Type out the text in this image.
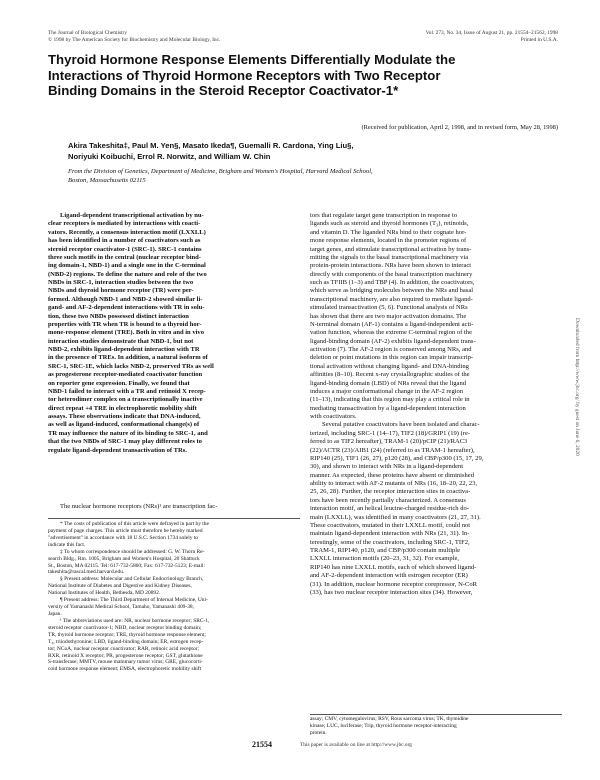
The Journal of Biological Chemistry
© 1998 by The American Society for Biochemistry and Molecular Biology, Inc.
Vol. 273, No. 34, Issue of August 21, pp. 21554–21562, 1998
Printed in U.S.A.
Thyroid Hormone Response Elements Differentially Modulate the
Interactions of Thyroid Hormone Receptors with Two Receptor
Binding Domains in the Steroid Receptor Coactivator-1*
(Received for publication, April 2, 1998, and in revised form, May 28, 1998)
Akira Takeshita‡, Paul M. Yen§, Masato Ikeda¶, Guemalli R. Cardona, Ying Liu§,
Noriyuki Koibuchi, Errol R. Norwitz, and William W. Chin
From the Division of Genetics, Department of Medicine, Brigham and Women's Hospital, Harvard Medical School,
Boston, Massachusetts 02115
Ligand-dependent transcriptional activation by nu-
clear receptors is mediated by interactions with coacti-
vators. Recently, a consensus interaction motif (LXXLL)
has been identified in a number of coactivators such as
steroid receptor coactivator-1 (SRC-1). SRC-1 contains
three such motifs in the central (nuclear receptor bind-
ing domain-1, NBD-1) and a single one in the C-terminal
(NBD-2) regions. To define the nature and role of the two
NBDs in SRC-1, interaction studies between the two
NBDs and thyroid hormone receptor (TR) were per-
formed. Although NBD-1 and NBD-2 showed similar li-
gand- and AF-2-dependent interactions with TR in solu-
tion, these two NBDs possessed distinct interaction
properties with TR when TR is bound to a thyroid hor-
mone-response element (TRE). Both in vitro and in vivo
interaction studies demonstrate that NBD-1, but not
NBD-2, exhibits ligand-dependent interaction with TR
in the presence of TREs. In addition, a natural isoform of
SRC-1, SRC-1E, which lacks NBD-2, preserved TRs as well
as progesterone receptor-mediated coactivator function
on reporter gene expression. Finally, we found that
NBD-1 failed to interact with a TR and retinoid X recep-
tor heterodimer complex on a transcriptionally inactive
direct repeat +4 TRE in electrophoretic mobility shift
assays. These observations indicate that DNA-induced,
as well as ligand-induced, conformational change(s) of
TR may influence the nature of its binding to SRC-1, and
that the two NBDs of SRC-1 may play different roles to
regulate ligand-dependent transactivation of TRs.
The nuclear hormone receptors (NRs)¹ are transcription fac-
* The costs of publication of this article were defrayed in part by the
payment of page charges. This article must therefore be hereby marked
"advertisement" in accordance with 18 U.S.C. Section 1734 solely to
indicate this fact.
‡ To whom correspondence should be addressed: G. W. Thorn Re-
search Bldg., Rm. 1005, Brigham and Women's Hospital, 20 Shattuck
St., Boston, MA 02115. Tel: 617-732-5860; Fax: 617-732-5123; E-mail:
takeshita@rascal.med.harvard.edu.
§ Present address: Molecular and Cellular Endocrinology Branch,
National Institute of Diabetes and Digestive and Kidney Diseases,
National Institutes of Health, Bethesda, MD 20892.
¶ Present address: The Third Department of Internal Medicine, Uni-
versity of Yamanashi Medical School, Tamaho, Yamanashi 409-38,
Japan.
¹ The abbreviations used are: NR, nuclear hormone receptor; SRC-1,
steroid receptor coactivator-1; NBD, nuclear receptor binding domain;
TR, thyroid hormone receptor; TRE, thyroid hormone response element;
T₃, triiodothyronine; LBD, ligand-binding domain; ER, estrogen recep-
tor; NCoA, nuclear receptor coactivator; RAR, retinoic acid receptor;
RXR, retinoid X receptor; PR, progesterone receptor; GST, glutathione
S-transferase; MMTV, mouse mammary tumor virus; GRE, glucocorti-
coid hormone response element; EMSA, electrophoretic mobility shift
tors that regulate target gene transcription in response to
ligands such as steroid and thyroid hormones (T₃), retinoids,
and vitamin D. The liganded NRs bind to their cognate hor-
mone response elements, located in the promoter regions of
target genes, and stimulate transcriptional activation by trans-
mitting the signals to the basal transcriptional machinery via
protein-protein interactions. NRs have been shown to interact
directly with components of the basal transcription machinery
such as TFIIB (1–3) and TBP (4). In addition, the coactivators,
which serve as bridging molecules between the NRs and basal
transcriptional machinery, are also required to mediate ligand-
stimulated transactivation (5, 6). Functional analysis of NRs
has shown that there are two major activation domains. The
N-terminal domain (AF-1) contains a ligand-independent acti-
vation function, whereas the extreme C-terminal region of the
ligand-binding domain (AF-2) exhibits ligand-dependent trans-
activation (7). The AF-2 region is conserved among NRs, and
deletion or point mutations in this region can impair transcrip-
tional activation without changing ligand- and DNA-binding
affinities (8–10). Recent x-ray crystallographic studies of the
ligand-binding domain (LBD) of NRs reveal that the ligand
induces a major conformational change in the AF-2 region
(11–13), indicating that this region may play a critical role in
mediating transactivation by a ligand-dependent interaction
with coactivators.
Several putative coactivators have been isolated and charac-
terized, including SRC-1 (14–17), TIF2 (18)/GRIP1 (19) (re-
ferred to as TIF2 hereafter), TRAM-1 (20)/pCIP (21)/RAC3
(22)/ACTR (23)/AIB1 (24) (referred to as TRAM-1 hereafter),
RIP140 (25), TIF1 (26, 27), p120 (28), and CBP/p300 (15, 17, 29,
30), and shown to interact with NRs in a ligand-dependent
manner. As expected, these proteins have absent or diminished
ability to interact with AF-2 mutants of NRs (16, 18–20, 22, 23,
25, 26, 28). Further, the receptor interaction sites in coactiva-
tors have been recently partially characterized. A consensus
interaction motif, an helical leucine-charged residue-rich do-
main (LXXLL), was identified in many coactivators (21, 27, 31).
These coactivators, mutated in their LXXLL motif, could not
maintain ligand-dependent interaction with NRs (21, 31). In-
terestingly, some of the coactivators, including SRC-1, TIF2,
TRAM-1, RIP140, p120, and CBP/p300 contain multiple
LXXLL interaction motifs (20–23, 31, 32). For example,
RIP140 has nine LXXLL motifs, each of which showed ligand-
and AF-2-dependent interaction with estrogen receptor (ER)
(31). In addition, nuclear hormone receptor corepressor, N-CoR
(33), has two nuclear receptor interaction sites (34). However,
assay; CMV, cytomegalovirus; RSV, Rous sarcoma virus; TK, thymidine
kinase; LUC, luciferase; Trip, thyroid hormone receptor-interacting
protein.
21554	This paper is available on line at http://www.jbc.org
Downloaded from http://www.jbc.org/ by guest on June 6, 2020
